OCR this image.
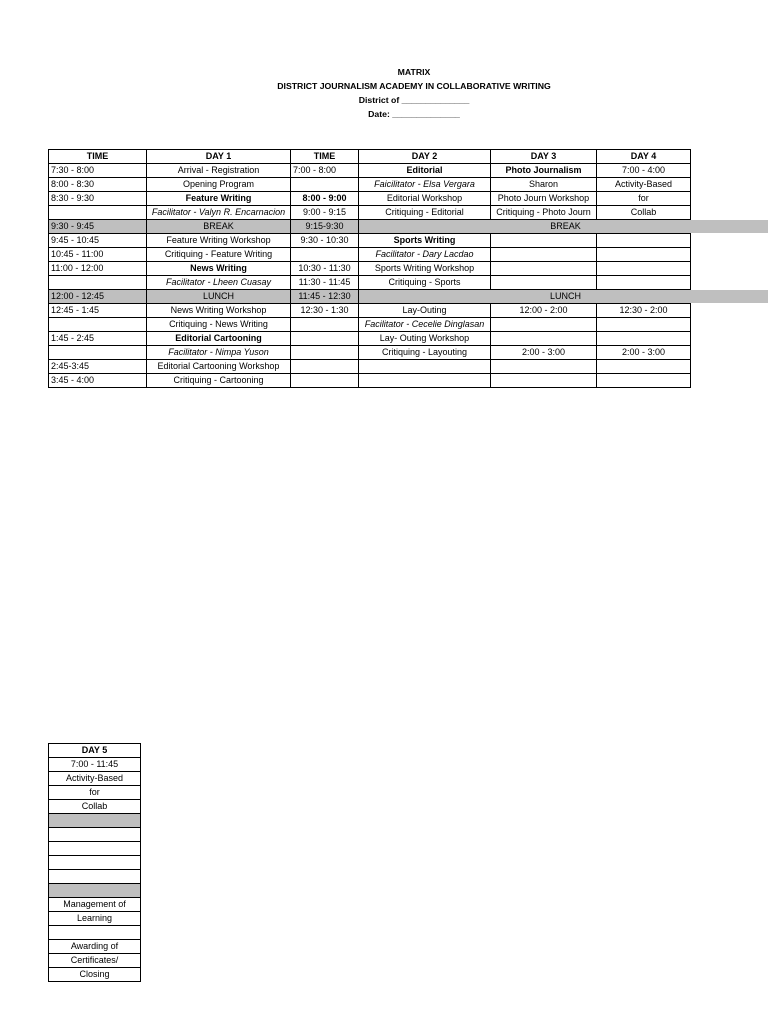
MATRIX
DISTRICT JOURNALISM ACADEMY IN COLLABORATIVE WRITING
District of ______________
Date: ______________
TIME	DAY 1	TIME	DAY 2	DAY 3	DAY 4
7:30 - 8:00	Arrival - Registration	7:00 - 8:00	Editorial	Photo Journalism	7:00 - 4:00
8:00 - 8:30	Opening Program		Faicilitator - Elsa Vergara	Sharon	Activity-Based
8:30 - 9:30	Feature Writing	8:00 - 9:00	Editorial Workshop	Photo Journ Workshop	for
	Facilitator - Valyn R. Encarnacion	9:00 - 9:15	Critiquing - Editorial	Critiquing - Photo Journ	Collab
9:30 - 9:45	BREAK	9:15-9:30	BREAK		
9:45 - 10:45	Feature Writing Workshop	9:30 - 10:30	Sports Writing		
10:45 - 11:00	Critiquing - Feature Writing		Facilitator - Dary Lacdao		
11:00 - 12:00	News Writing	10:30 - 11:30	Sports Writing Workshop		
	Facilitator - Lheen Cuasay	11:30 - 11:45	Critiquing - Sports		
12:00 - 12:45	LUNCH	11:45 - 12:30	LUNCH		
12:45 - 1:45	News Writing Workshop	12:30 - 1:30	Lay-Outing	12:00 - 2:00	12:30 - 2:00
	Critiquing - News Writing		Facilitator - Cecelie Dinglasan		
1:45 - 2:45	Editorial Cartooning		Lay- Outing Workshop		
	Facilitator - Nimpa Yuson		Critiquing - Layouting	2:00 - 3:00	2:00 - 3:00
2:45-3:45	Editorial Cartooning Workshop				
3:45 - 4:00	Critiquing - Cartooning				
DAY 5
7:00 - 11:45
Activity-Based
for
Collab

Management of
Learning

Awarding of
Certificates/
Closing
